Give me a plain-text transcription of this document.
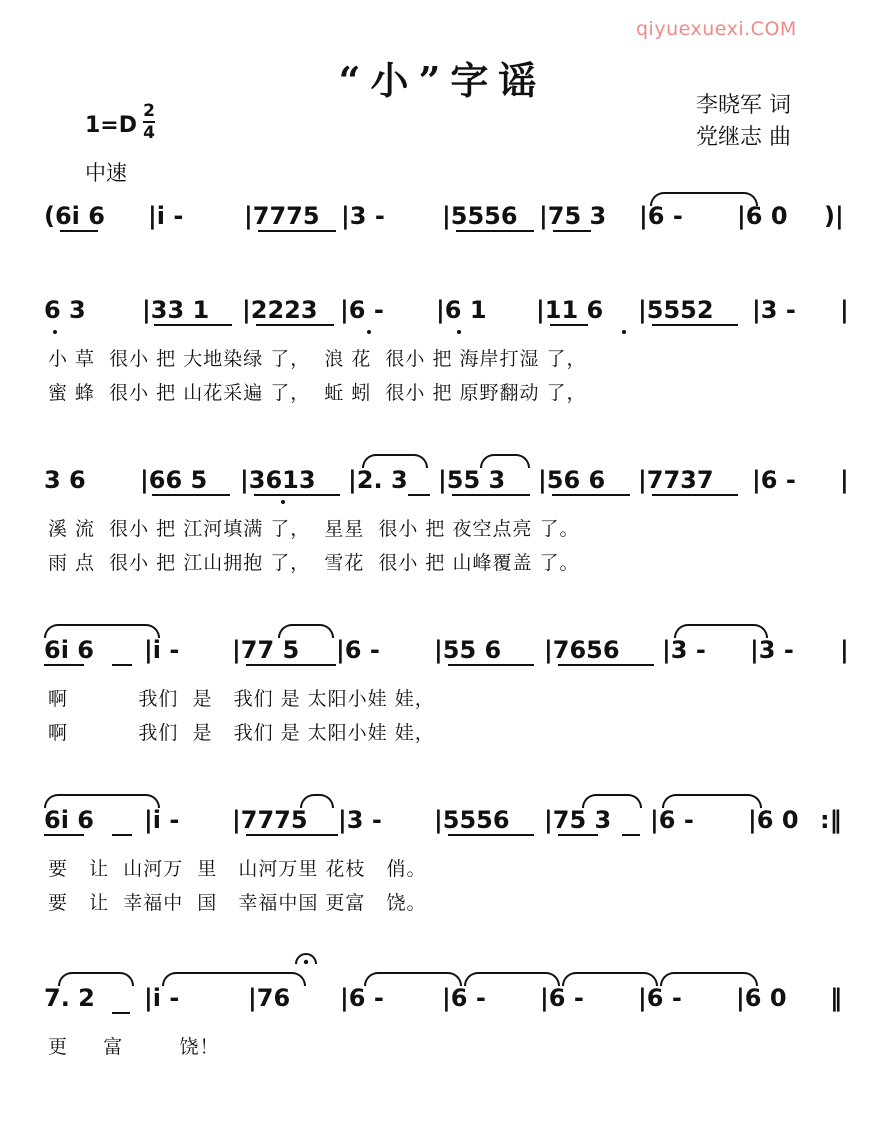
qiyuexuexi.COM
“小”字谣
李晓军 词
党继志 曲
1=D
2
4
中速
(6i 6 |i -	|7775 |3 - |5556 |75 3 |6 - |6 0 )|
6 3 |33 1 |2223 |6 - |6 1 |11 6 |5552 |3 - |
小 草  很小 把 大地染绿 了，  浪 花  很小 把 海岸打湿 了，
蜜 蜂  很小 把 山花采遍 了，  蚯 蚓  很小 把 原野翻动 了，
3 6 |66 5 |3613 |2. 3 |55 3 |56 6 |7737 |6 - |
溪 流  很小 把 江河填满 了，  星星  很小 把 夜空点亮 了。
雨 点  很小 把 江山拥抱 了，  雪花  很小 把 山峰覆盖 了。
6i 6 |i - |77 5 |6 - |55 6 |7656 |3 - |3 - |
啊          我们  是   我们 是 太阳小娃 娃，
啊          我们  是   我们 是 太阳小娃 娃，
6i 6 |i - |7775 |3 - |5556 |75 3 |6 - |6 0 :‖
要   让  山河万  里   山河万里 花枝   俏。
要   让  幸福中  国   幸福中国 更富   饶。
7. 2 |i -	|76 |6 - |6 - |6 - |6 - |6 0 ‖
更     富        饶！
